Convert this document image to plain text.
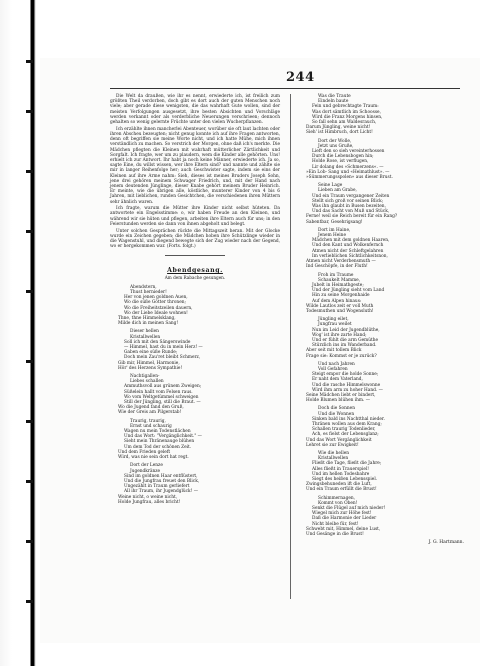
244

Die Welt da draußen, wie ihr es nennt, erwiederte ich, ist freilich zum größten Theil verdorben, doch gibt es dort auch der guten Menschen noch viele; aber gerade diese wenigsten, die das wahrhaft Gute wollen, sind der meisten Verfolgungen ausgesetzt, ihre besten Absichten und Vorschläge werden verkannt oder als verderbliche Neuerungen verschrieen; dennoch gehalten so wenig gelernte Früchte unter den vielen Wucherpflanzen.

Ich erzählte ihnen mancherlei Abenteuer, worüber sie oft laut lachten oder ihren Abscheu bezeugten; nicht genug konnte ich auf ihre Fragen antworten, denn oft begriffen sie meine Worte nicht, und ich hatte Mühe, mich ihnen verständlich zu machen. So verstrich der Morgen, ohne daß ich's merkte. Die Mädchen pflegten die Kleinen mit wahrhaft mütterlicher Zärtlichkeit und Sorgfalt. Ich fragte, wer um zu plaudern, wem die Kinder alle gehörten. Uns! erhielt ich zur Antwort. Ihr habt ja noch keine Männer, erwiederte ich. Ja so, sagte Eine, du willst wissen, wer ihre Eltern sind? und nannte und zählte sie mir in langer Reihenfolge her; auch Geschwister sagte, indem sie eins der Kleinen auf ihre Arme nahm: Sieh, dieses ist meines Bruders Joseph Sohn, jene drei gehören meinem Schwager Friedrich, und, mit der Hand nach jenem deutenden Jünglinge, dieser Knabe gehört meinem Bruder Heinrich. Er meinte, wie die übrigen alle, köstliche, munterer Kinder von 4 bis 6 Jahren, mit lieblichen, runden Gesichtchen, die verschiedenen ihren Müttern sehr ähnlich waren.

Ich fragte, warum die Mütter ihre Kinder nicht selbst hüteten. Da antwortete ein Engelsstimme: o, wir haben Freude an den Kleinen, und während wir sie hüten und pflegen, arbeiten ihre Eltern auch für uns; in den Feierstunden werden sie dann von ihnen abgeholt und belegt.

Unter solchen Gesprächen rückte die Mittagszeit heran. Mit der Glocke wurde ein Zeichen gegeben; die Mädchen hoben ihre Schützlinge wieder in die Wagenstuhl, und diegend bewegte sich der Zug wieder nach der Gegend, wo er hergekommen war. (Forts. folgt.)

Abendgesang.
Am dem Rabache gesungen.
Abendstern,
Thust hernieder!
Her von jenen goldnen Auen,
Wo die süße Götter thronen;
Wo die Freiheitstzeilen dauern,
Wo der Liebe Ideale wohnen!
Thne, thne Himmelsklang,
Milde dich in meinen Sang!
Dieser hellen
Kristallwellen
Soll ich mit den Sängerswinde
— Himmel, hast du in mein Herz! —
Gaben eine süße Runde;
Doch mein Zau'ret bleibt Schmerz,
Gib mir, Himmel, Harmonie,
Hör' des Herzens Sympathie!
Nachtigallen-
Liebes schallen
Ammuthsvoll aus grünem Zweigen;
Süßelein hallt vom Felsen raus.
Wo vom Weltgetümmel schweigen
Still der Jüngling, still die Braut. —
Wo die Jugend fand den Gruß,
Wie der Greis am Pilgerstab!
Traurig, traurig,
Ernst und schaurig
Wagen nu mein Todenstlächen
Und das Wort: "Vergänglichkeit." —
Sieht mein Thränenauge blühen
Um dem Tod der schönen Zeit.
Und dem Frieden geleft
Wird, was nie sein dort hat regt.
Dort der Lenze
Jugendkränze
Sind im goldnen Haar entflüstert,
Und die Jungfrau freuet den Blick,
Ungezählt in Traum gerliefert
All ihr Traum, ihr Jugendglück! —
Weine nicht, o weine nicht,
Holde Jungfrau, alles bricht!
Was die Traute
Eindeln baute
Fein und gebrechtagte Traum:
Was dort sämtlich im Schoosse,
Wird die Franz Morgens hinsen,
So fall sehn am Waldesrauch,
Darum Jüngling, weine nicht!
Sieh' ist Himbruch, dort Licht!
Dort der Wolle,
Jetzt uns Gruße,
Lieft den so sieh vereinterhossen
Durch die Lebensbogen hin;
Holde Rose, ist verflugen,
Lir dolang des »Schmerzens«. —
»Ein Lob- Sang und «Heimathlust». —
»Sümmerungsspolen» aus dieser Brust.
Seine Lage
Lieben am Grabe,
Und ein Traum vergangener Zeiten
Stellt sich groß vor seinen Blick;
Was ihn glaubt in Busen bezeiten,
Und das Sacht von Muß und Stück,
Ferne! weil sie Reich bereit für ein Rang?
Sabentbar, Gesehrigsang!
Dort im Haine,
Jenem Heine
Mädchen mit dem goldnen Haaren,
Und den Kant und Wolkenfernch
Atmen nicht der Schleftgelahren
Im verlieblichen Sichtlichkeitsnon,
Atmen nicht Verderbensmuth —
Ind Geschöpfe, in der Fluth!
Froh im Traume
Schaukelt Mamme,
Jubelt in Heimathgeste;
Und der Jüngling sieht vom Land
Hin zu seine Morgenhaide
Auf dem Alpen hinaus:
Wilde Lautlos zeit er voll Muth
Todesmuthen und Wogensluth!
Jüngling eilet,
Jungfrau weilet
Nun im Leid der Jugendblüthe,
Wog' ist ihre zarte Hand;
Und er fühlt die arm Gemüthe
Stürzlich ins im Wanderband.
Aber seit mit tollem Blick
Frage sie: Kommst er je zurück?
Und nach Jahren
Voll Gefahren
Steigt empor die holde Sonne;
Er naht dem Vaterland,
Und die rasche Himmelswonne
Wird ihm arm zu hoher Hand. —
Seine Mädchen liebt er bindert,
Holde Blumen blühen ihm. —
Doch die Sonnen
Und die Wonnen
Sinken bald ins Nachtthal nieder.
Thränen wollen aus dem Krang;
Schallen traurig Todenlieder,
Ach, es fielst der Lebensglanz;
Und das Wort Vergänglichkeit
Lehret sie zur Ewigkeit!
Wie die hellen
Kristallwellen
Fließt die Tage, fließt die Jahre;
Alles fließt in Trauerspiel!
Und im hellen Todesbahre
Siegt des heißen Lebensspiel.
Zwingsbehuneden ift die Luft,
Und ein Traum erfüllt die Brust!
Schimmernagen,
Kommt von Oben!
Senkt die Flügel auf mich nieder!
Wiegel mich zur Höhe fest!
Daß die Harmonie der Lieder
Nicht bleibe für, fest!
Schwebt mit, Himmel, deine Lust,
Und Gesänge in die Brust!
J. G. Hartmann.
